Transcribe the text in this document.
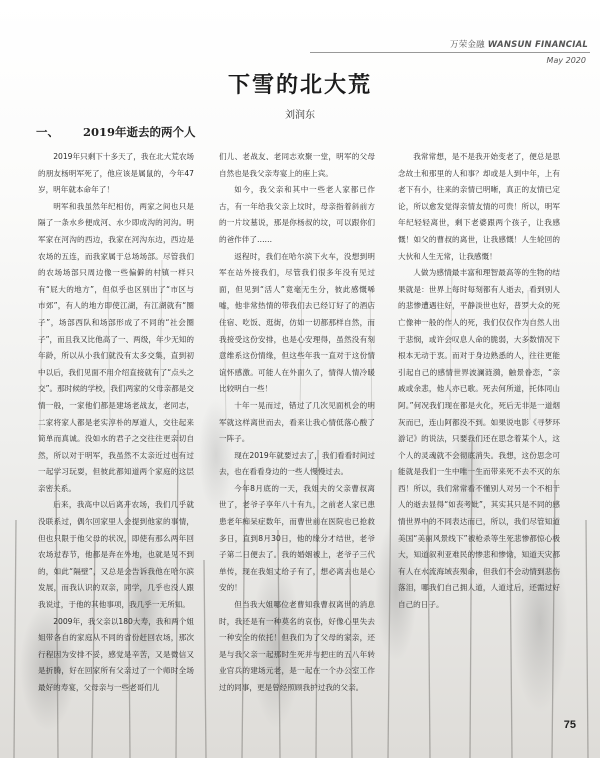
万荣金融 WANSUN FINANCIAL
May 2020
下雪的北大荒
刘润东
一、 2019年逝去的两个人

2019年只剩下十多天了，我在北大荒农场的朋友杨明军死了，他应该是属鼠的，今年47岁，明年就本命年了！

明军和我虽然年纪相仿，两家之间也只是隔了一条水乡便成河、水少即成沟的河沟。明军家在河沟的西边，我家在河沟东边，西边是农场的五连，而我家属于总场场部。尽管我们的农场场部只周边像一些偏僻的村镇一样只有“屁大的地方”，但似乎也区别出了“市区与市郊”，有人的地方即使江湖，有江湖就有“圈子”，场部西队和场部形成了不同的“社会圈子”，而且我又比他高了一、两级，年少无知的年龄，所以从小我们就没有太多交集，直到初中以后，我们见面不用介绍直接就有了“点头之交”。那时候的学校，我们两家的父母亲都是交情一般，一家他们都是建场老战友，老同志，二家将家人都是老实淳朴的厚道人，交往起来简单而真诚。没如水的君子之交往往更亲切自然，所以对于明军，我虽然不太亲近过也有过一起学习玩耍，但彼此都知道两个家庭的这层亲密关系。

后来，我高中以后离开农场，我们几乎就没联系过，偶尔回家里人会提到他家的事情，但也只限于他父母的状况，即使有那么两年回农场过春节，他都是奔在外地，也就是见不到的，如此“隔壁”，又总是会告诉我他在哈尔滨发展，而我认识的双亲，同学，几乎也没人跟我说过，于他的其他事项，我几乎一无所知。

2009年，我父亲以180大寿，我和两个姐姐带各自的家庭从不同的省份赶回农场，那次行程因为安排不妥，感觉是辛苦，又是微信又是折腾，好在回家所有父亲过了一个师时全场最好的寿宴，父母亲与一些老哥们儿

们儿、老战友、老同志欢聚一堂，明军的父母自然也是我父亲寿宴上的座上宾。

如今，我父亲和其中一些老人家都已作古，有一年给我父亲上坟时，母亲指着斜前方的一片坟墓说，那是你杨叔的坟，可以跟你们的爸作伴了……

返程时，我们在哈尔滨下火车，没想到明军在站外接我们，尽管我们很多年没有见过面，但见到“活人”竟毫无生分，彼此感慨唏嘘，他非常热情的带我们去已经订好了的酒店住宿、吃饭、逛街，仿如一切都那样自然，而我接受这份安排，也是心安理得，虽然没有刻意维系这份情缘，但这些年我一直对于这份情谊怀感激。可能人在外面久了，情得人情冷暖比较明白一些！

十年一晃而过，错过了几次见面机会的明军就这样离世而去，看来让我心情低落心酸了一阵子。

现在2019年就要过去了，我们看看时间过去，也在看看身边的一些人慢慢过去。

今年8月底的一天，我姐夫的父亲曹叔离世了，老爷子享年八十有九，之前老人家已患患老年痴呆症数年，而曹世前在医院也已抢救多日，直到8月30日，他的缘分才结世，老爷子第二日便去了。我的婚姻被上，老爷子三代单传，现在我姐丈给子有了，想必离去也是心安的！

但当我大姐哪位老曹知我曹叔离世的消息时，我还是有一种莫名的哀伤，好像心里失去一种安全的依托！但我们为了父母的家亲，还是与我父亲一起那时生死并与把庄的五八年转业官兵的建场元老，是一起在一个办公室工作过的同事，更是曾经照顾我护过我的父亲。

我常常想，是不是我开始变老了，便总是思念故土和那里的人和事？却或是人到中年，上有老下有小，往来的亲情已明晰，真正的友情已定论，所以愈发觉得亲情友情的可贵！所以，明军年纪轻轻离世，剩下老婆跟两个孩子，让我感慨！如父的曹叔的离世，让我感慨！人生轮回的大伙和人生无常，让我感慨！

人做为感情最丰富和理智最高等的生物的结果就是：世界上每时每刻都有人逝去，看到别人的悲惨遭遇往好，平静淡世也好，普罗大众的死亡像神一般的作人的死，我们仅仅作为自然人出于悲悯，或许会叹息人命的脆弱，大多数情况下根本无动于衷。而对于身边熟悉的人，往往更能引起自己的感情世界波澜涟漪，触景眷恋，“亲戚或余悲，他人亦已歌。死去何所道，托体同山阿。”何况我们现在都是火化，死后无非是一道烟灰而已，连山阿都没不到。如果说电影《寻梦环游记》的说法，只要我们还在思念着某个人，这个人的灵魂就不会彻底消失。我想，这份思念可能就是我们一生中唯一生而带来死不去不灭的东西！所以，我们常常看不懂别人对另一个不相干人的逝去显得“如丧考妣”，其实其只是不同的感情世界中的不同表达而已，所以，我们尽管知道美国“美丽风景线下”被枪杀等生死悲惨都惊心极大，知道叙利亚难民的惨悲和惨恸，知道天灾都有人在水流海域丧殒命，但我们不会动情到悲伤落泪，哪我们自己拥人道，人道过后，还需过好自己的日子。

75
